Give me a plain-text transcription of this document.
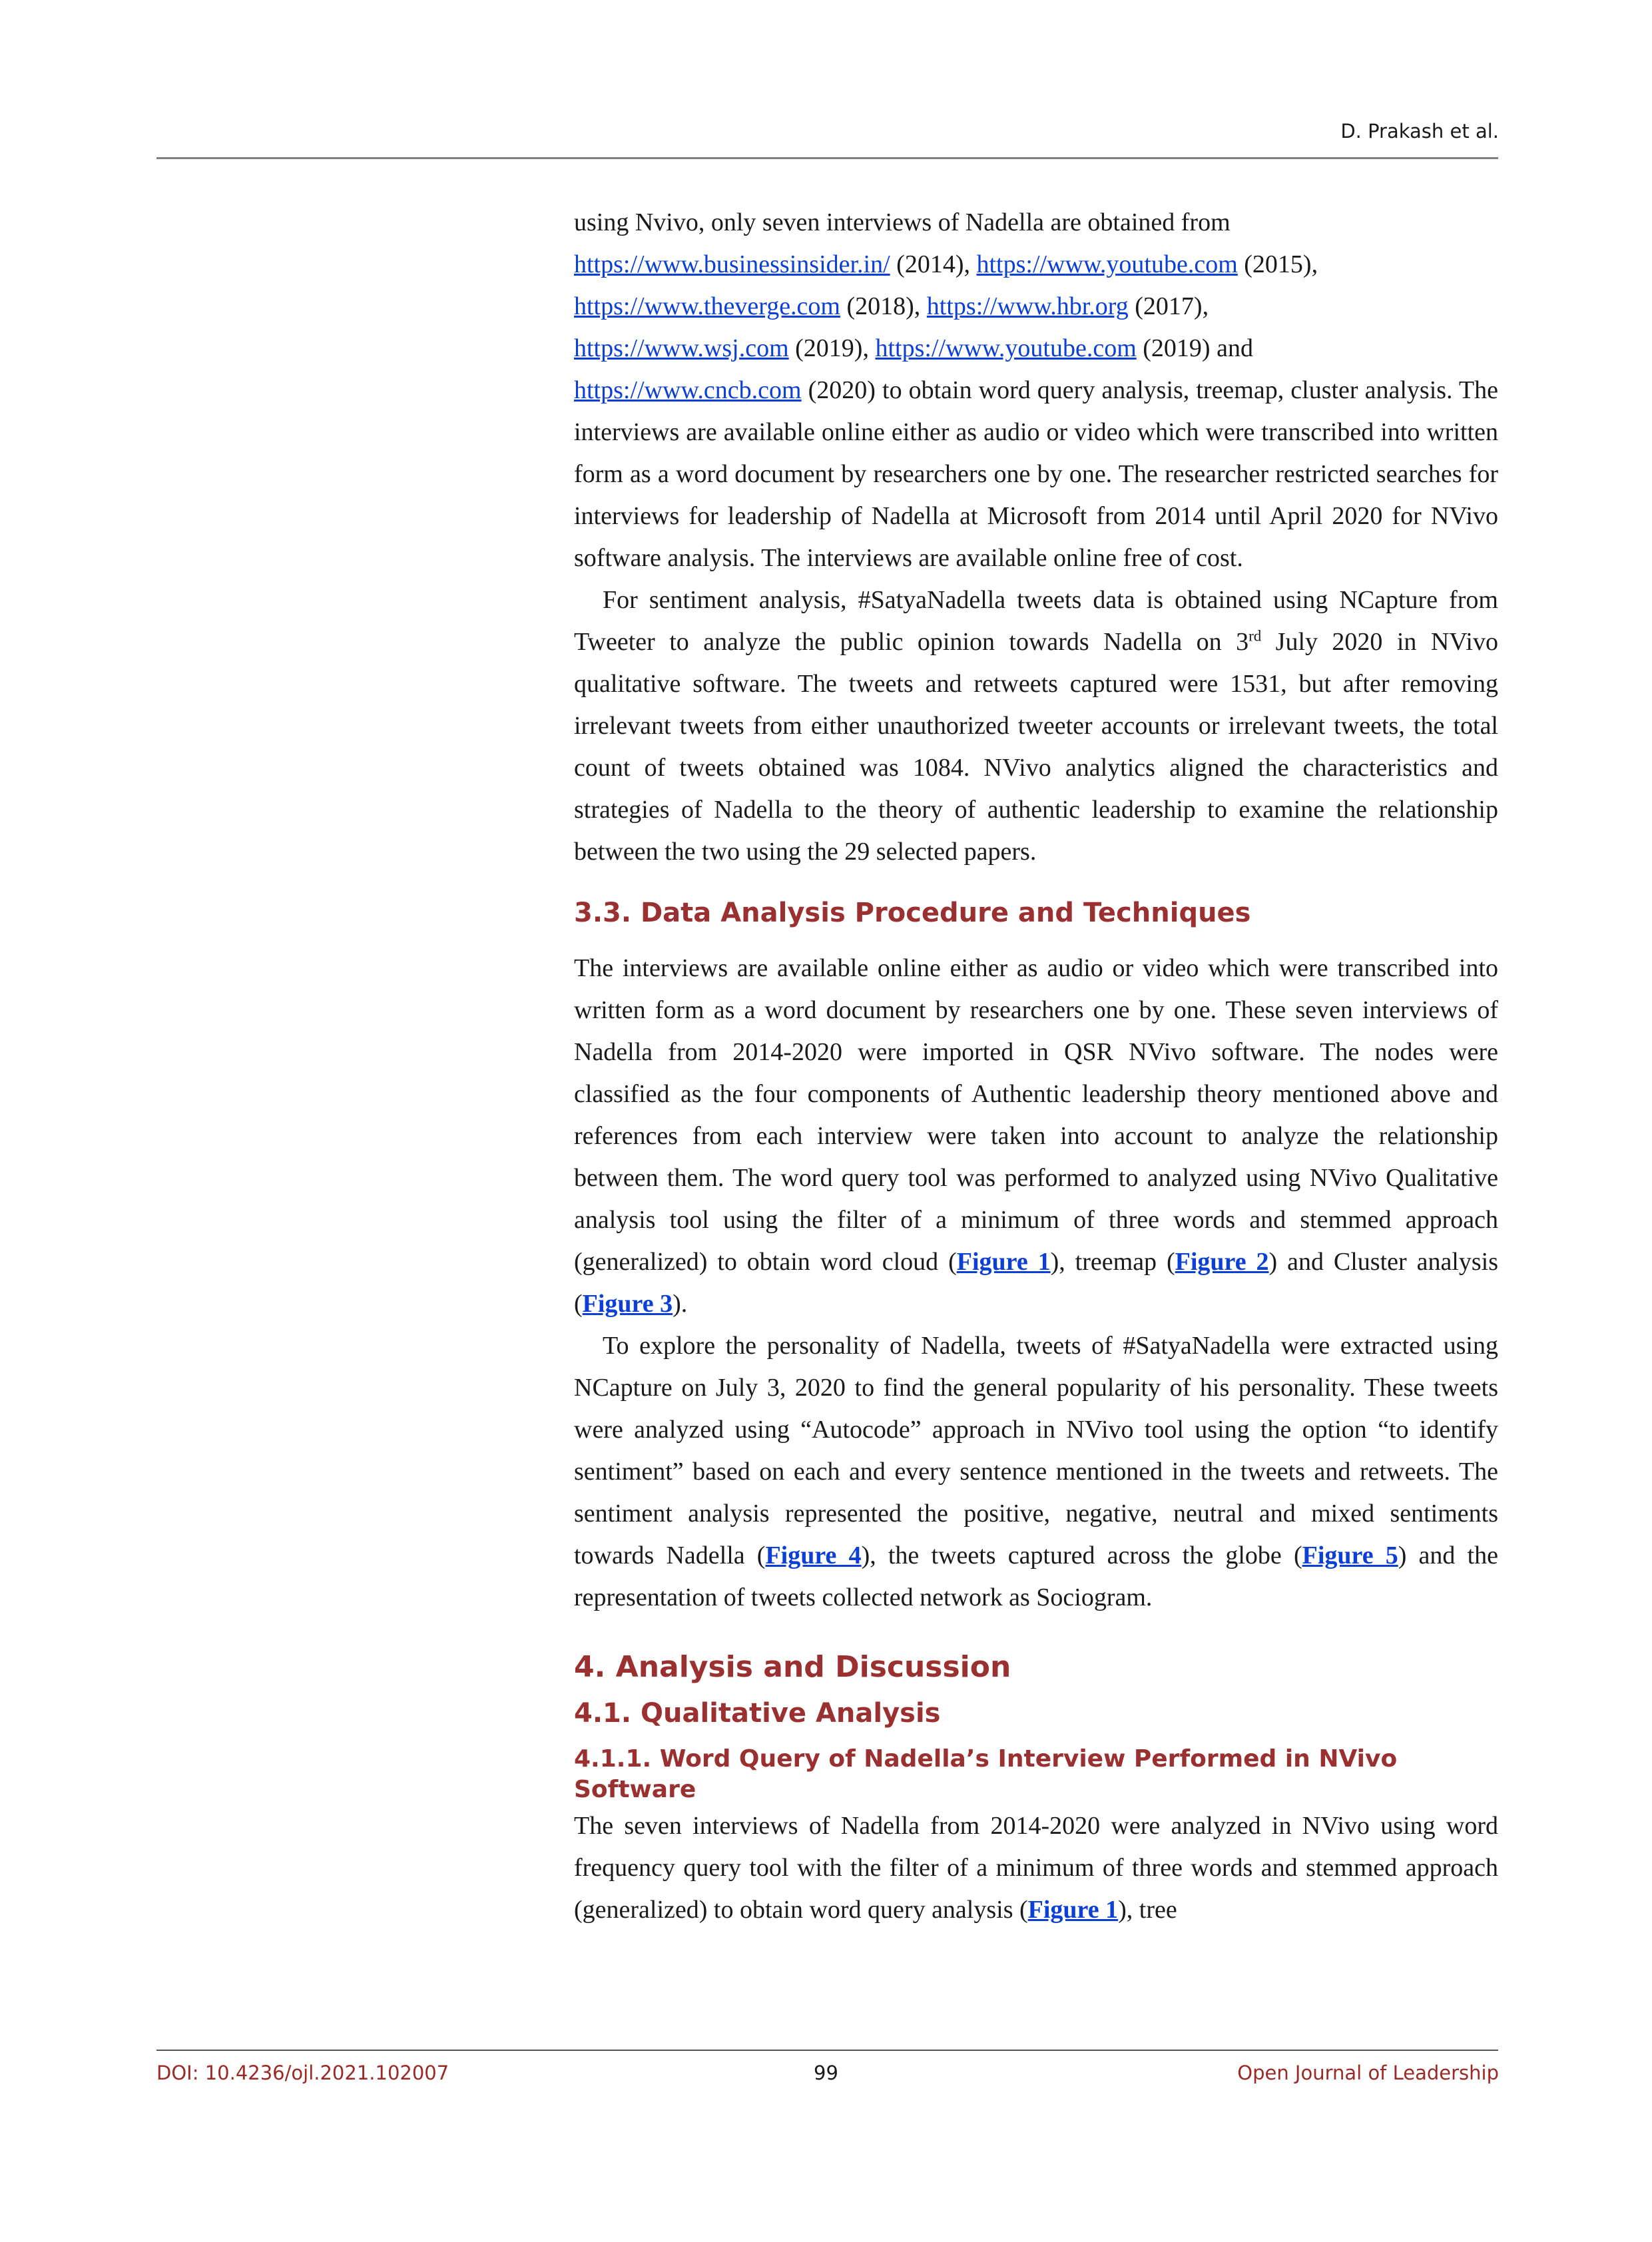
D. Prakash et al.

using Nvivo, only seven interviews of Nadella are obtained from
https://www.businessinsider.in/ (2014), https://www.youtube.com (2015),
https://www.theverge.com (2018), https://www.hbr.org (2017),
https://www.wsj.com (2019), https://www.youtube.com (2019) and
https://www.cncb.com (2020) to obtain word query analysis, treemap, cluster analysis. The interviews are available online either as audio or video which were transcribed into written form as a word document by researchers one by one. The researcher restricted searches for interviews for leadership of Nadella at Microsoft from 2014 until April 2020 for NVivo software analysis. The interviews are available online free of cost.

For sentiment analysis, #SatyaNadella tweets data is obtained using NCapture from Tweeter to analyze the public opinion towards Nadella on 3rd July 2020 in NVivo qualitative software. The tweets and retweets captured were 1531, but after removing irrelevant tweets from either unauthorized tweeter accounts or irrelevant tweets, the total count of tweets obtained was 1084. NVivo analytics aligned the characteristics and strategies of Nadella to the theory of authentic leadership to examine the relationship between the two using the 29 selected papers.

3.3. Data Analysis Procedure and Techniques

The interviews are available online either as audio or video which were transcribed into written form as a word document by researchers one by one. These seven interviews of Nadella from 2014-2020 were imported in QSR NVivo software. The nodes were classified as the four components of Authentic leadership theory mentioned above and references from each interview were taken into account to analyze the relationship between them. The word query tool was performed to analyzed using NVivo Qualitative analysis tool using the filter of a minimum of three words and stemmed approach (generalized) to obtain word cloud (Figure 1), treemap (Figure 2) and Cluster analysis (Figure 3).

To explore the personality of Nadella, tweets of #SatyaNadella were extracted using NCapture on July 3, 2020 to find the general popularity of his personality. These tweets were analyzed using “Autocode” approach in NVivo tool using the option “to identify sentiment” based on each and every sentence mentioned in the tweets and retweets. The sentiment analysis represented the positive, negative, neutral and mixed sentiments towards Nadella (Figure 4), the tweets captured across the globe (Figure 5) and the representation of tweets collected network as Sociogram.

4. Analysis and Discussion
4.1. Qualitative Analysis
4.1.1. Word Query of Nadella’s Interview Performed in NVivo Software

The seven interviews of Nadella from 2014-2020 were analyzed in NVivo using word frequency query tool with the filter of a minimum of three words and stemmed approach (generalized) to obtain word query analysis (Figure 1), tree

DOI: 10.4236/ojl.2021.102007	99	Open Journal of Leadership
